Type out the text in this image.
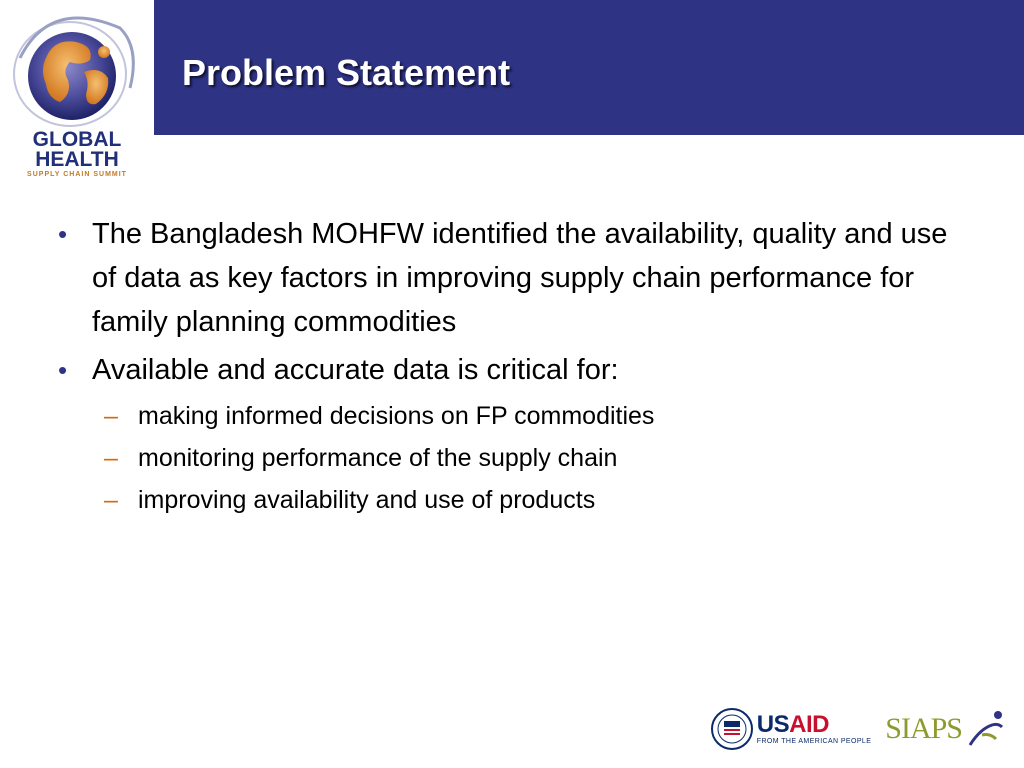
GLOBAL
HEALTH
SUPPLY CHAIN SUMMIT
Problem Statement
• The Bangladesh MOHFW identified the availability, quality and use of data as key factors in improving supply chain performance for family planning commodities
• Available and accurate data is critical for:
– making informed decisions on FP commodities
– monitoring performance of the supply chain
– improving availability and use of products
USAID
FROM THE AMERICAN PEOPLE SIAPS
